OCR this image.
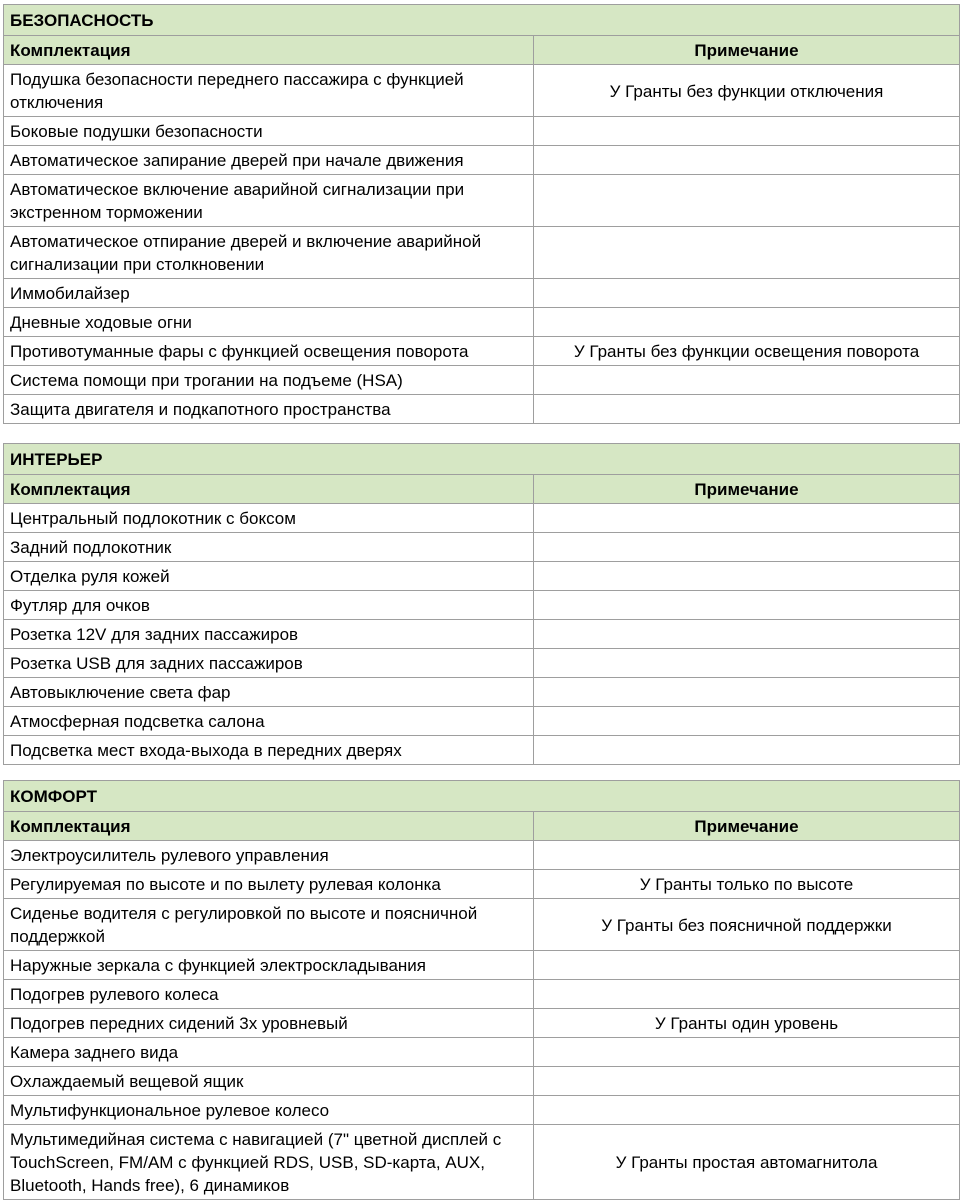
БЕЗОПАСНОСТЬ	
Комплектация	Примечание
Подушка безопасности переднего пассажира с функцией отключения	У Гранты без функции отключения
Боковые подушки безопасности	
Автоматическое запирание дверей при начале движения	
Автоматическое включение аварийной сигнализации при экстренном торможении	
Автоматическое отпирание дверей и включение аварийной сигнализации при столкновении	
Иммобилайзер	
Дневные ходовые огни	
Противотуманные фары с функцией освещения поворота	У Гранты без функции освещения поворота
Система помощи при трогании на подъеме (HSA)	
Защита двигателя и подкапотного пространства	
ИНТЕРЬЕР	
Комплектация	Примечание
Центральный подлокотник с боксом	
Задний подлокотник	
Отделка руля кожей	
Футляр для очков	
Розетка 12V для задних пассажиров	
Розетка USB для задних пассажиров	
Автовыключение света фар	
Атмосферная подсветка салона	
Подсветка мест входа-выхода в передних дверях	
КОМФОРТ	
Комплектация	Примечание
Электроусилитель рулевого управления	
Регулируемая по высоте и по вылету рулевая колонка	У Гранты только по высоте
Сиденье водителя с регулировкой по высоте и поясничной поддержкой	У Гранты без поясничной поддержки
Наружные зеркала с функцией электроскладывания	
Подогрев рулевого колеса	
Подогрев передних сидений 3х уровневый	У Гранты один уровень
Камера заднего вида	
Охлаждаемый вещевой ящик	
Мультифункциональное рулевое колесо	
Мультимедийная система с навигацией (7" цветной дисплей с TouchScreen, FM/AM с функцией RDS, USB, SD-карта, AUX, Bluetooth, Hands free), 6 динамиков	У Гранты простая автомагнитола
